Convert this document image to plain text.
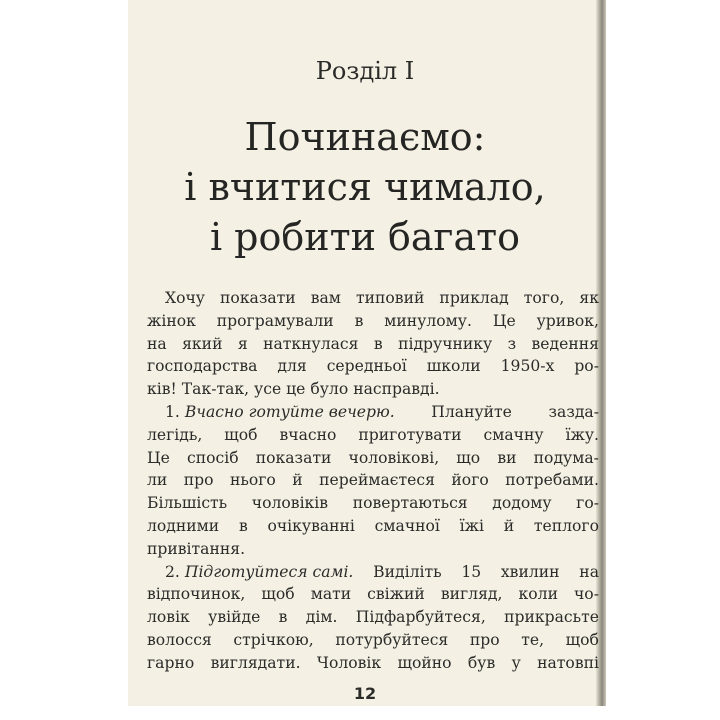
Розділ І
Починаємо:
і вчитися чимало,
і робити багато
Хочу показати вам типовий приклад того, як
жінок програмували в минулому. Це уривок,
на який я наткнулася в підручнику з ведення
господарства для середньої школи 1950-х ро-
ків! Так-так, усе це було насправді.
1. Вчасно готуйте вечерю. Плануйте зазда-
легідь, щоб вчасно приготувати смачну їжу.
Це спосіб показати чоловікові, що ви подума-
ли про нього й переймаєтеся його потребами.
Більшість чоловіків повертаються додому го-
лодними в очікуванні смачної їжі й теплого
привітання.
2. Підготуйтеся самі. Виділіть 15 хвилин на
відпочинок, щоб мати свіжий вигляд, коли чо-
ловік увійде в дім. Підфарбуйтеся, прикрасьте
волосся стрічкою, потурбуйтеся про те, щоб
гарно виглядати. Чоловік щойно був у натовпі
12
